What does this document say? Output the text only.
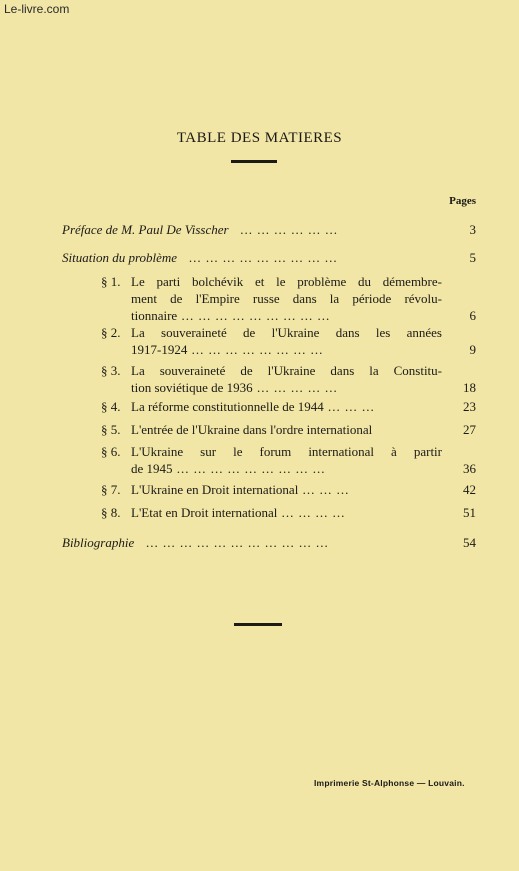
Le-livre.com
TABLE DES MATIERES
Pages
Préface de M. Paul De Visscher   ... ... ... ... ... ...	3
Situation du problème   ... ... ... ... ... ... ... ... ...	5
§ 1. Le parti bolchévik et le problème du démembre-
ment de l'Empire russe dans la période révolu-
tionnaire ... ... ... ... ... ... ... ... ...	6
§ 2. La souveraineté de l'Ukraine dans les années
1917-1924 ... ... ... ... ... ... ... ...	9
§ 3. La souveraineté de l'Ukraine dans la Constitu-
tion soviétique de 1936 ... ... ... ... ...	18
§ 4. La réforme constitutionnelle de 1944 ... ... ...	23
§ 5. L'entrée de l'Ukraine dans l'ordre international	27
§ 6. L'Ukraine sur le forum international à partir
de 1945 ... ... ... ... ... ... ... ... ...	36
§ 7. L'Ukraine en Droit international ... ... ...	42
§ 8. L'Etat en Droit international ... ... ... ...	51
Bibliographie   ... ... ... ... ... ... ... ... ... ... ...	54
Imprimerie St-Alphonse — Louvain.
